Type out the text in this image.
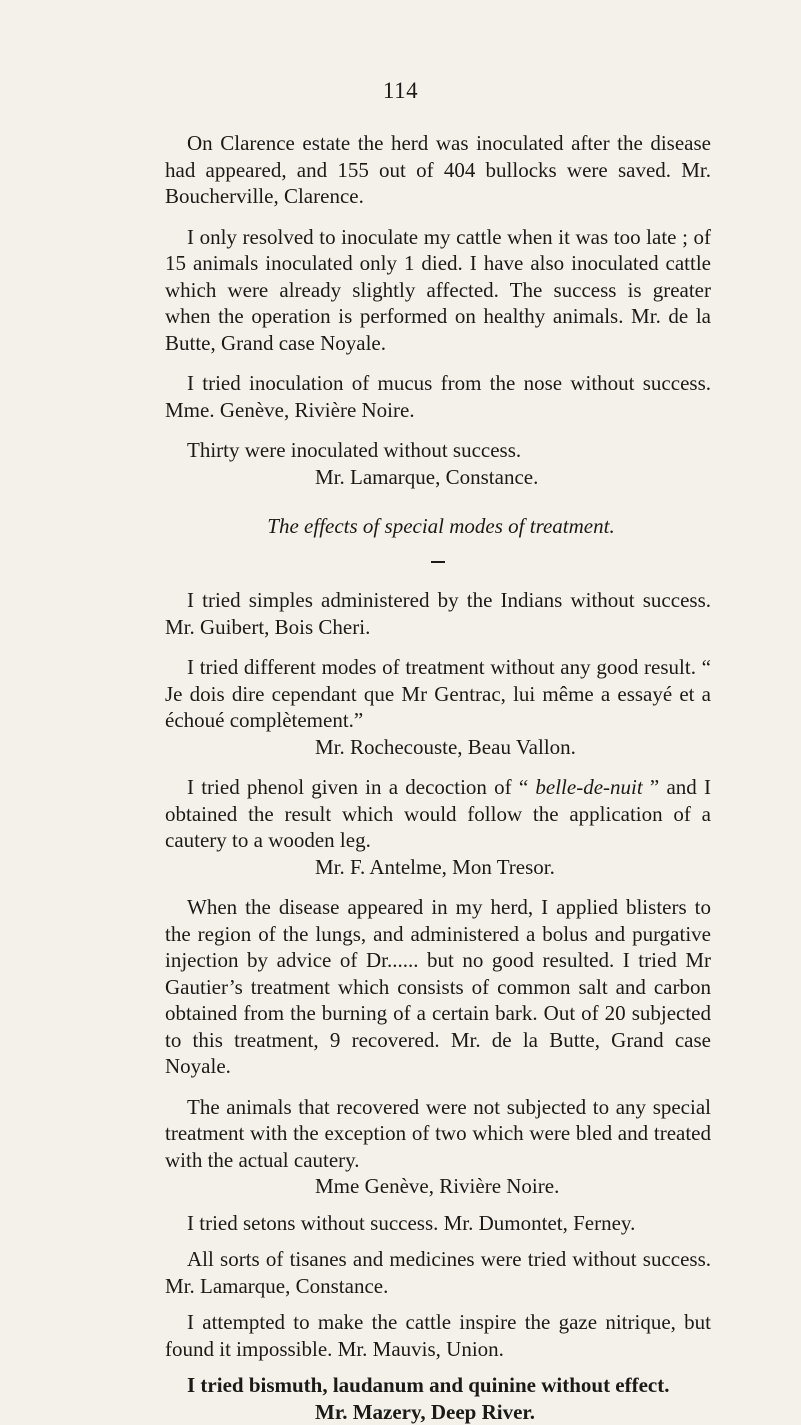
114

On Clarence estate the herd was inoculated after the disease had appeared, and 155 out of 404 bullocks were saved. Mr. Boucherville, Clarence.

I only resolved to inoculate my cattle when it was too late ; of 15 animals inoculated only 1 died. I have also inoculated cattle which were already slightly affected. The success is greater when the operation is performed on healthy animals. Mr. de la Butte, Grand case Noyale.

I tried inoculation of mucus from the nose without success. Mme. Genève, Rivière Noire.

Thirty were inoculated without success.

Mr. Lamarque, Constance.

The effects of special modes of treatment.

I tried simples administered by the Indians without success. Mr. Guibert, Bois Cheri.

I tried different modes of treatment without any good result. “ Je dois dire cependant que Mr Gentrac, lui même a essayé et a échoué complètement.”

Mr. Rochecouste, Beau Vallon.

I tried phenol given in a decoction of “ belle-de-nuit ” and I obtained the result which would follow the application of a cautery to a wooden leg.

Mr. F. Antelme, Mon Tresor.

When the disease appeared in my herd, I applied blisters to the region of the lungs, and administered a bolus and purgative injection by advice of Dr...... but no good resulted. I tried Mr Gautier’s treatment which consists of common salt and carbon obtained from the burning of a certain bark. Out of 20 subjected to this treatment, 9 recovered. Mr. de la Butte, Grand case Noyale.

The animals that recovered were not subjected to any special treatment with the exception of two which were bled and treated with the actual cautery.

Mme Genève, Rivière Noire.

I tried setons without success. Mr. Dumontet, Ferney.

All sorts of tisanes and medicines were tried without success. Mr. Lamarque, Constance.

I attempted to make the cattle inspire the gaze nitrique, but found it impossible. Mr. Mauvis, Union.

I tried bismuth, laudanum and quinine without effect.

Mr. Mazery, Deep River.
